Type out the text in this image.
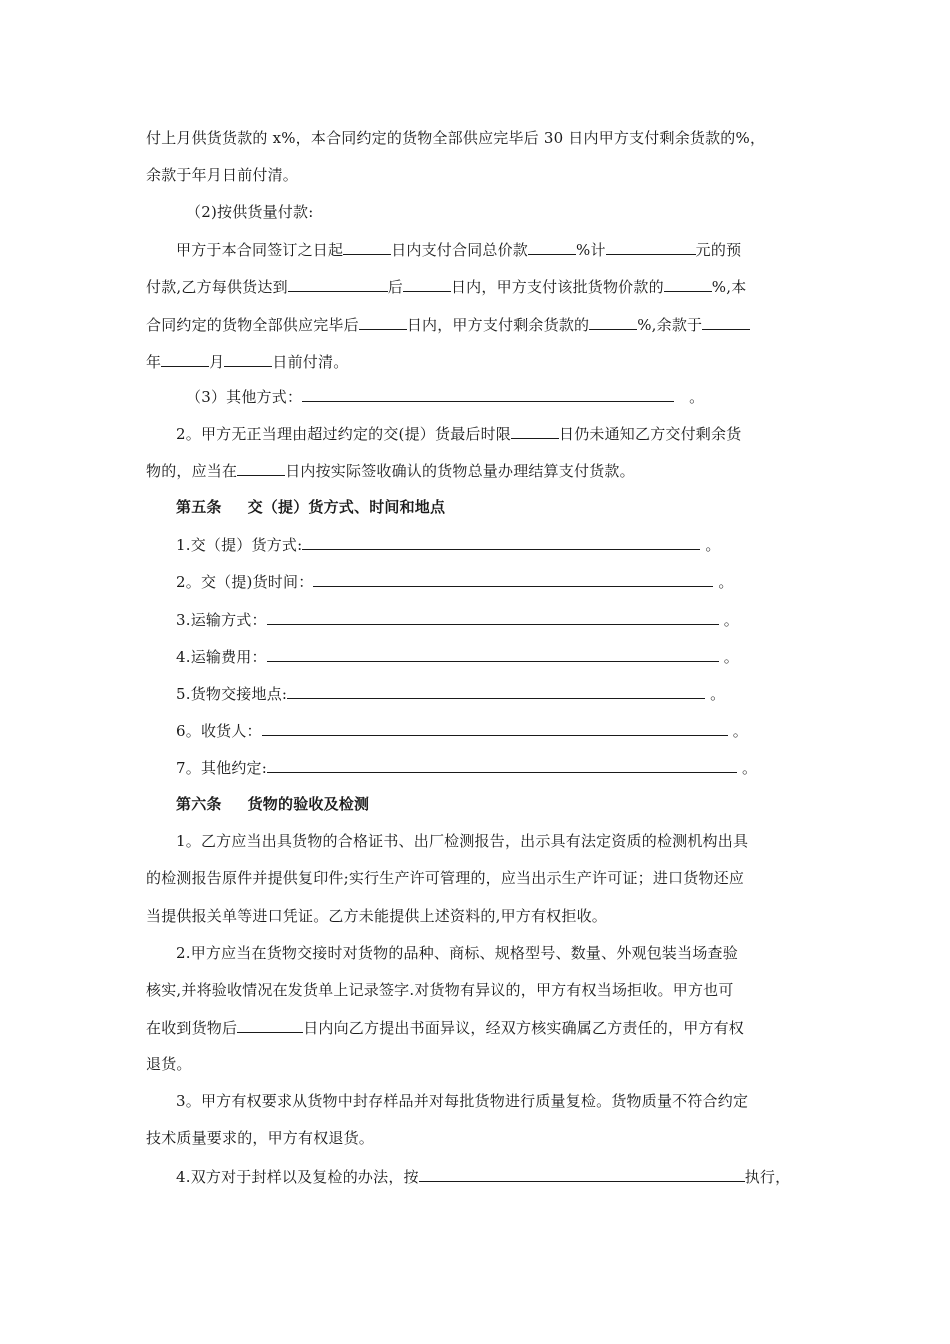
付上月供货货款的 x%，本合同约定的货物全部供应完毕后 30 日内甲方支付剩余货款的%，
余款于年月日前付清。
（2)按供货量付款:
甲方于本合同签订之日起	日内支付合同总价款	%计	元的预
付款,乙方每供货达到	后	日内，甲方支付该批货物价款的	%,本
合同约定的货物全部供应完毕后	日内，甲方支付剩余货款的	%,余款于
年	月	日前付清。
（3）其他方式：	。
2。甲方无正当理由超过约定的交(提）货最后时限	日仍未通知乙方交付剩余货
物的，应当在	日内按实际签收确认的货物总量办理结算支付货款。
第五条 交（提）货方式、时间和地点
1.交（提）货方式:	。
2。交（提)货时间：	。
3.运输方式：	。
4.运输费用：	。
5.货物交接地点:	。
6。收货人：	。
7。其他约定:	。
第六条 货物的验收及检测
1。乙方应当出具货物的合格证书、出厂检测报告，出示具有法定资质的检测机构出具
的检测报告原件并提供复印件;实行生产许可管理的，应当出示生产许可证；进口货物还应
当提供报关单等进口凭证。乙方未能提供上述资料的,甲方有权拒收。
2.甲方应当在货物交接时对货物的品种、商标、规格型号、数量、外观包装当场查验
核实,并将验收情况在发货单上记录签字.对货物有异议的，甲方有权当场拒收。甲方也可
在收到货物后	日内向乙方提出书面异议，经双方核实确属乙方责任的，甲方有权
退货。
3。甲方有权要求从货物中封存样品并对每批货物进行质量复检。货物质量不符合约定
技术质量要求的，甲方有权退货。
4.双方对于封样以及复检的办法，按	执行，
